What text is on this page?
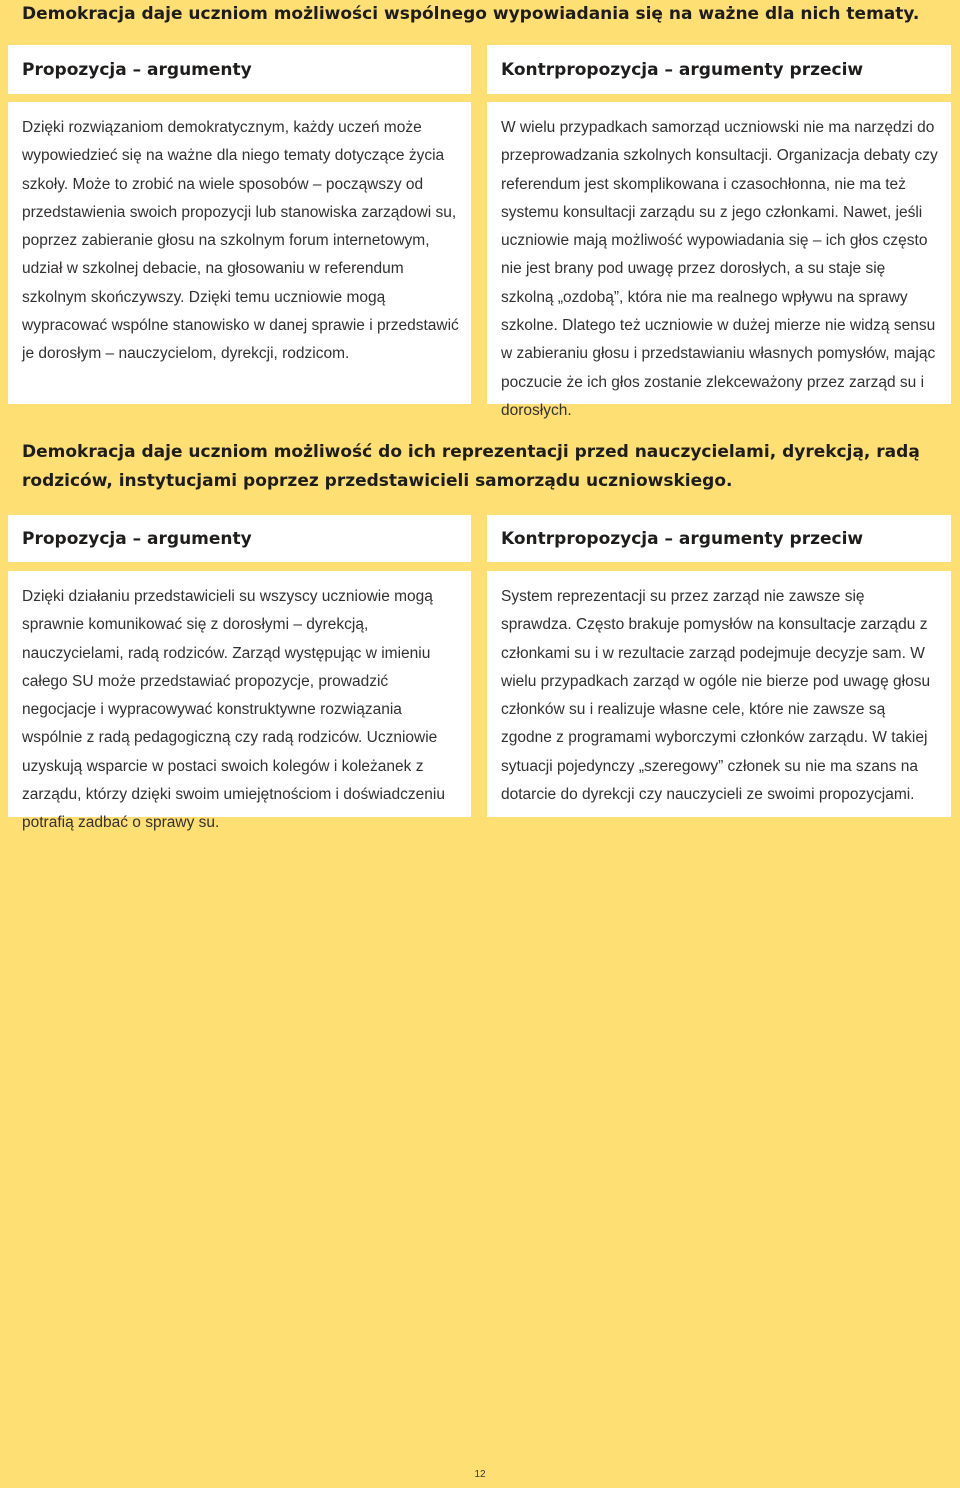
Demokracja daje uczniom możliwości wspólnego wypowiadania się na ważne dla nich tematy.
Propozycja – argumenty	Kontrpropozycja – argumenty przeciw
Dzięki rozwiązaniom demokratycznym, każdy uczeń może wypowiedzieć się na ważne dla niego tematy dotyczące życia szkoły. Może to zrobić na wiele sposobów – począwszy od przedstawienia swoich propozycji lub stanowiska zarządowi su, poprzez zabieranie głosu na szkolnym forum internetowym, udział w szkolnej debacie, na głosowaniu w referendum szkolnym skończywszy. Dzięki temu uczniowie mogą wypracować wspólne stanowisko w danej sprawie i przedstawić je dorosłym – nauczycielom, dyrekcji, rodzicom.
W wielu przypadkach samorząd uczniowski nie ma narzędzi do przeprowadzania szkolnych konsultacji. Organizacja debaty czy referendum jest skomplikowana i czasochłonna, nie ma też systemu konsultacji zarządu su z jego członkami. Nawet, jeśli uczniowie mają możliwość wypowiadania się – ich głos często nie jest brany pod uwagę przez dorosłych, a su staje się szkolną „ozdobą”, która nie ma realnego wpływu na sprawy szkolne. Dlatego też uczniowie w dużej mierze nie widzą sensu w zabieraniu głosu i przedstawianiu własnych pomysłów, mając poczucie że ich głos zostanie zlekceważony przez zarząd su i dorosłych.
Demokracja daje uczniom możliwość do ich reprezentacji przed nauczycielami, dyrekcją, radą rodziców, instytucjami poprzez przedstawicieli samorządu uczniowskiego.
Propozycja – argumenty	Kontrpropozycja – argumenty przeciw
Dzięki działaniu przedstawicieli su wszyscy uczniowie mogą sprawnie komunikować się z dorosłymi – dyrekcją, nauczycielami, radą rodziców. Zarząd występując w imieniu całego SU może przedstawiać propozycje, prowadzić negocjacje i wypracowywać konstruktywne rozwiązania wspólnie z radą pedagogiczną czy radą rodziców. Uczniowie uzyskują wsparcie w postaci swoich kolegów i koleżanek z zarządu, którzy dzięki swoim umiejętnościom i doświadczeniu potrafią zadbać o sprawy su.
System reprezentacji su przez zarząd nie zawsze się sprawdza. Często brakuje pomysłów na konsultacje zarządu z członkami su i w rezultacie zarząd podejmuje decyzje sam. W wielu przypadkach zarząd w ogóle nie bierze pod uwagę głosu członków su i realizuje własne cele, które nie zawsze są zgodne z programami wyborczymi członków zarządu. W takiej sytuacji pojedynczy „szeregowy” członek su nie ma szans na dotarcie do dyrekcji czy nauczycieli ze swoimi propozycjami.
12
